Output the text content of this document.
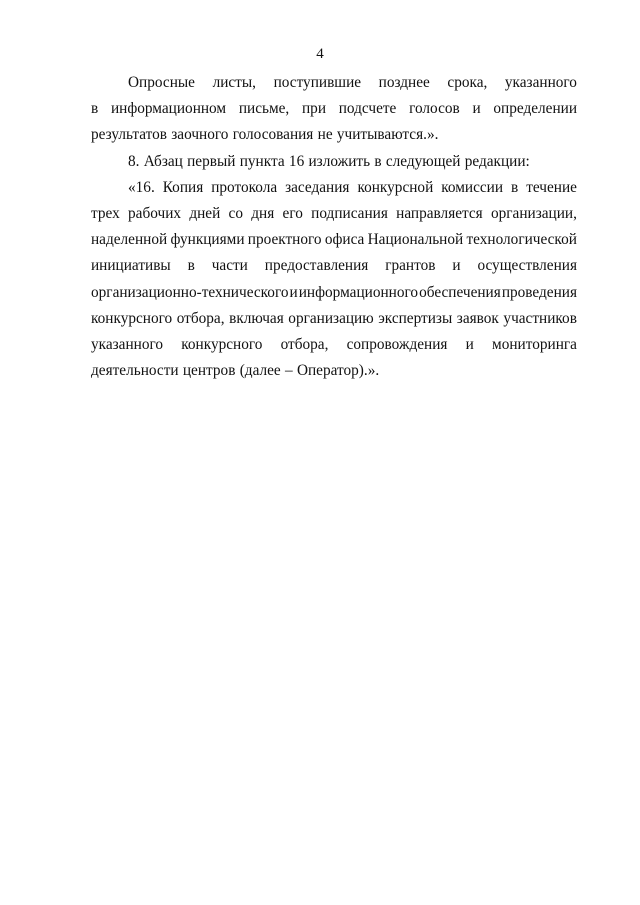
4
Опросные листы, поступившие позднее срока, указанного
в информационном письме, при подсчете голосов и определении
результатов заочного голосования не учитываются.».
8. Абзац первый пункта 16 изложить в следующей редакции:
«16. Копия протокола заседания конкурсной комиссии в течение
трех рабочих дней со дня его подписания направляется организации,
наделенной функциями проектного офиса Национальной технологической
инициативы в части предоставления грантов и осуществления
организационно-технического и информационного обеспечения проведения
конкурсного отбора, включая организацию экспертизы заявок участников
указанного конкурсного отбора, сопровождения и мониторинга
деятельности центров (далее – Оператор).».
